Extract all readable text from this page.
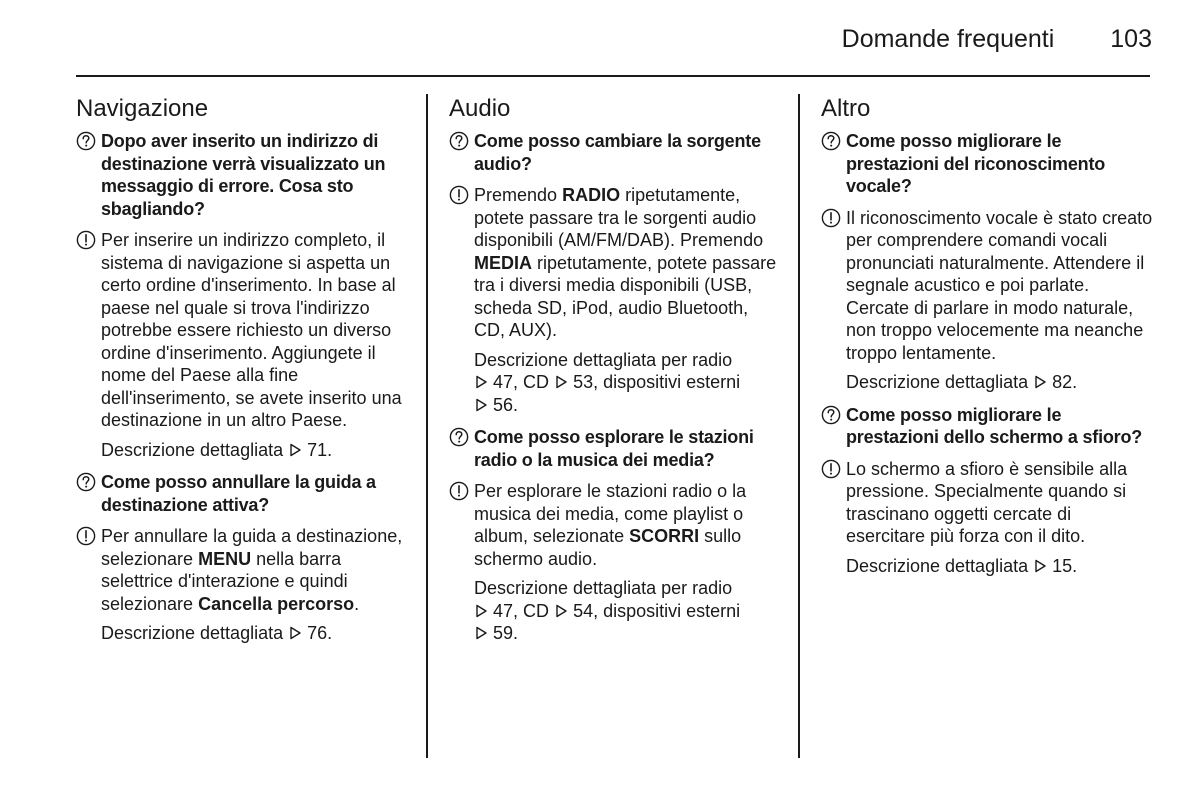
Domande frequenti 103
Navigazione
Dopo aver inserito un indirizzo di destinazione verrà visualizzato un messaggio di errore. Cosa sto sbagliando?
Per inserire un indirizzo completo, il sistema di navigazione si aspetta un certo ordine d'inserimento. In base al paese nel quale si trova l'indirizzo potrebbe essere richiesto un diverso ordine d'inserimento. Aggiungete il nome del Paese alla fine dell'inserimento, se avete inserito una destinazione in un altro Paese.
Descrizione dettagliata 71.
Come posso annullare la guida a destinazione attiva?
Per annullare la guida a destinazione, selezionare MENU nella barra selettrice d'interazione e quindi selezionare Cancella percorso.
Descrizione dettagliata 76.
Audio
Come posso cambiare la sorgente audio?
Premendo RADIO ripetutamente, potete passare tra le sorgenti audio disponibili (AM/FM/DAB). Premendo MEDIA ripetutamente, potete passare tra i diversi media disponibili (USB, scheda SD, iPod, audio Bluetooth, CD, AUX).
Descrizione dettagliata per radio

47, CD 53, dispositivi esterni

56.
Come posso esplorare le stazioni radio o la musica dei media?
Per esplorare le stazioni radio o la musica dei media, come playlist o album, selezionate SCORRI sullo schermo audio.
Descrizione dettagliata per radio

47, CD 54, dispositivi esterni

59.
Altro
Come posso migliorare le prestazioni del riconoscimento vocale?
Il riconoscimento vocale è stato creato per comprendere comandi vocali pronunciati naturalmente. Attendere il segnale acustico e poi parlate. Cercate di parlare in modo naturale, non troppo velocemente ma neanche troppo lentamente.
Descrizione dettagliata 82.
Come posso migliorare le prestazioni dello schermo a sfioro?
Lo schermo a sfioro è sensibile alla pressione. Specialmente quando si trascinano oggetti cercate di esercitare più forza con il dito.
Descrizione dettagliata 15.
